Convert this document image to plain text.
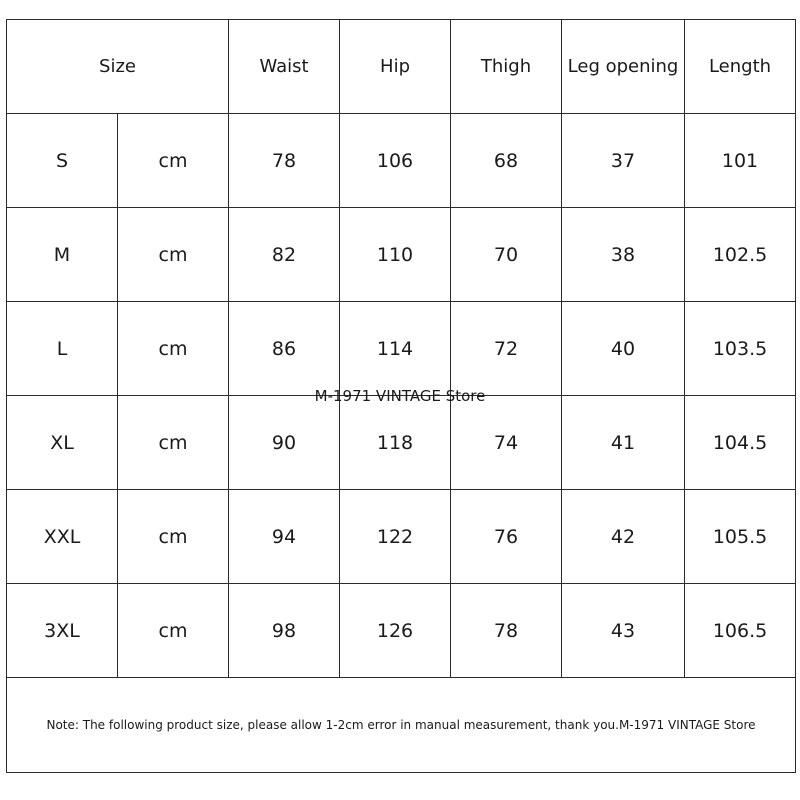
Size		Waist	Hip	Thigh	Leg opening	Length
S	cm	78	106	68	37	101
M	cm	82	110	70	38	102.5
L	cm	86	114	72	40	103.5
XL	cm	90	118	74	41	104.5
XXL	cm	94	122	76	42	105.5
3XL	cm	98	126	78	43	106.5
Note: The following product size, please allow 1-2cm error in manual measurement, thank you.M-1971 VINTAGE Store						
M-1971 VINTAGE Store
